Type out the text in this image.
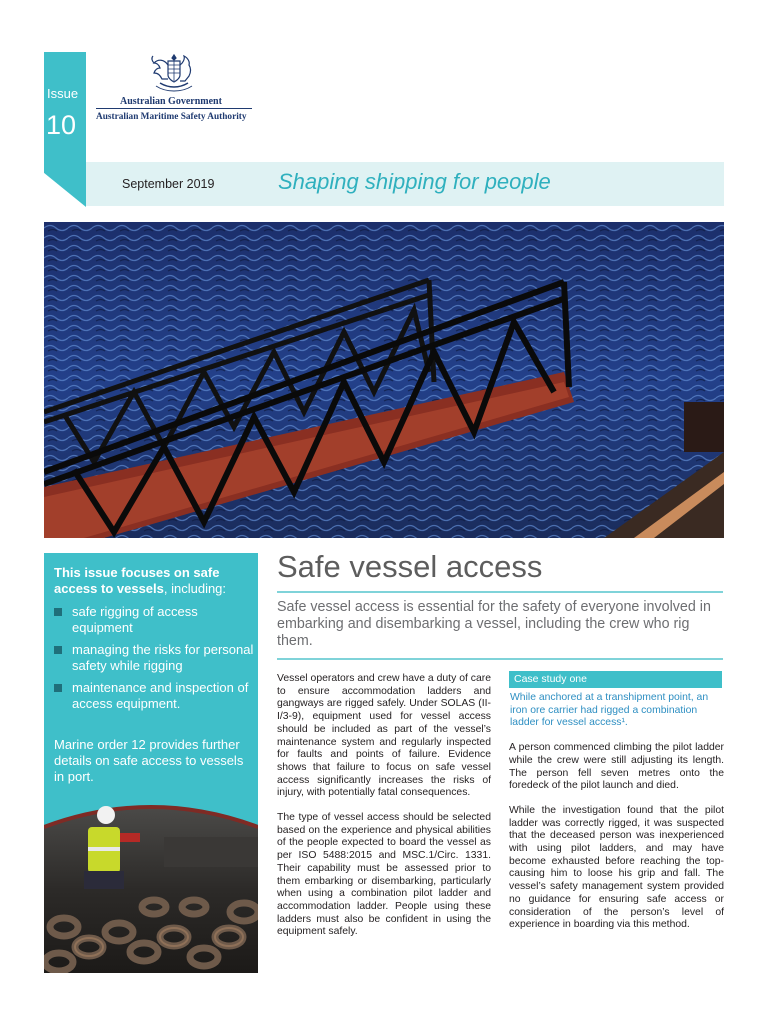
Issue
10
Australian Government
Australian Maritime Safety Authority
September 2019	Shaping shipping for people
This issue focuses on safe access to vessels, including:
safe rigging of access equipment
managing the risks for personal safety while rigging
maintenance and inspection of access equipment.
Marine order 12 provides further details on safe access to vessels in port.
Safe vessel access
Safe vessel access is essential for the safety of everyone involved in embarking and disembarking a vessel, including the crew who rig them.

Vessel operators and crew have a duty of care to ensure accommodation ladders and gangways are rigged safely. Under SOLAS (II-I/3-9), equipment used for vessel access should be included as part of the vessel’s maintenance system and regularly inspected for faults and points of failure. Evidence shows that failure to focus on safe vessel access significantly increases the risks of injury, with potentially fatal consequences.

The type of vessel access should be selected based on the experience and physical abilities of the people expected to board the vessel as per ISO 5488:2015 and MSC.1/Circ. 1331. Their capability must be assessed prior to them embarking or disembarking, particularly when using a combination pilot ladder and accommodation ladder. People using these ladders must also be confident in using the equipment safely.

Case study one

While anchored at a transhipment point, an iron ore carrier had rigged a combination ladder for vessel access¹.

A person commenced climbing the pilot ladder while the crew were still adjusting its length. The person fell seven metres onto the foredeck of the pilot launch and died.

While the investigation found that the pilot ladder was correctly rigged, it was suspected that the deceased person was inexperienced with using pilot ladders, and may have become exhausted before reaching the top-causing him to loose his grip and fall. The vessel’s safety management system provided no guidance for ensuring safe access or consideration of the person’s level of experience in boarding via this method.
